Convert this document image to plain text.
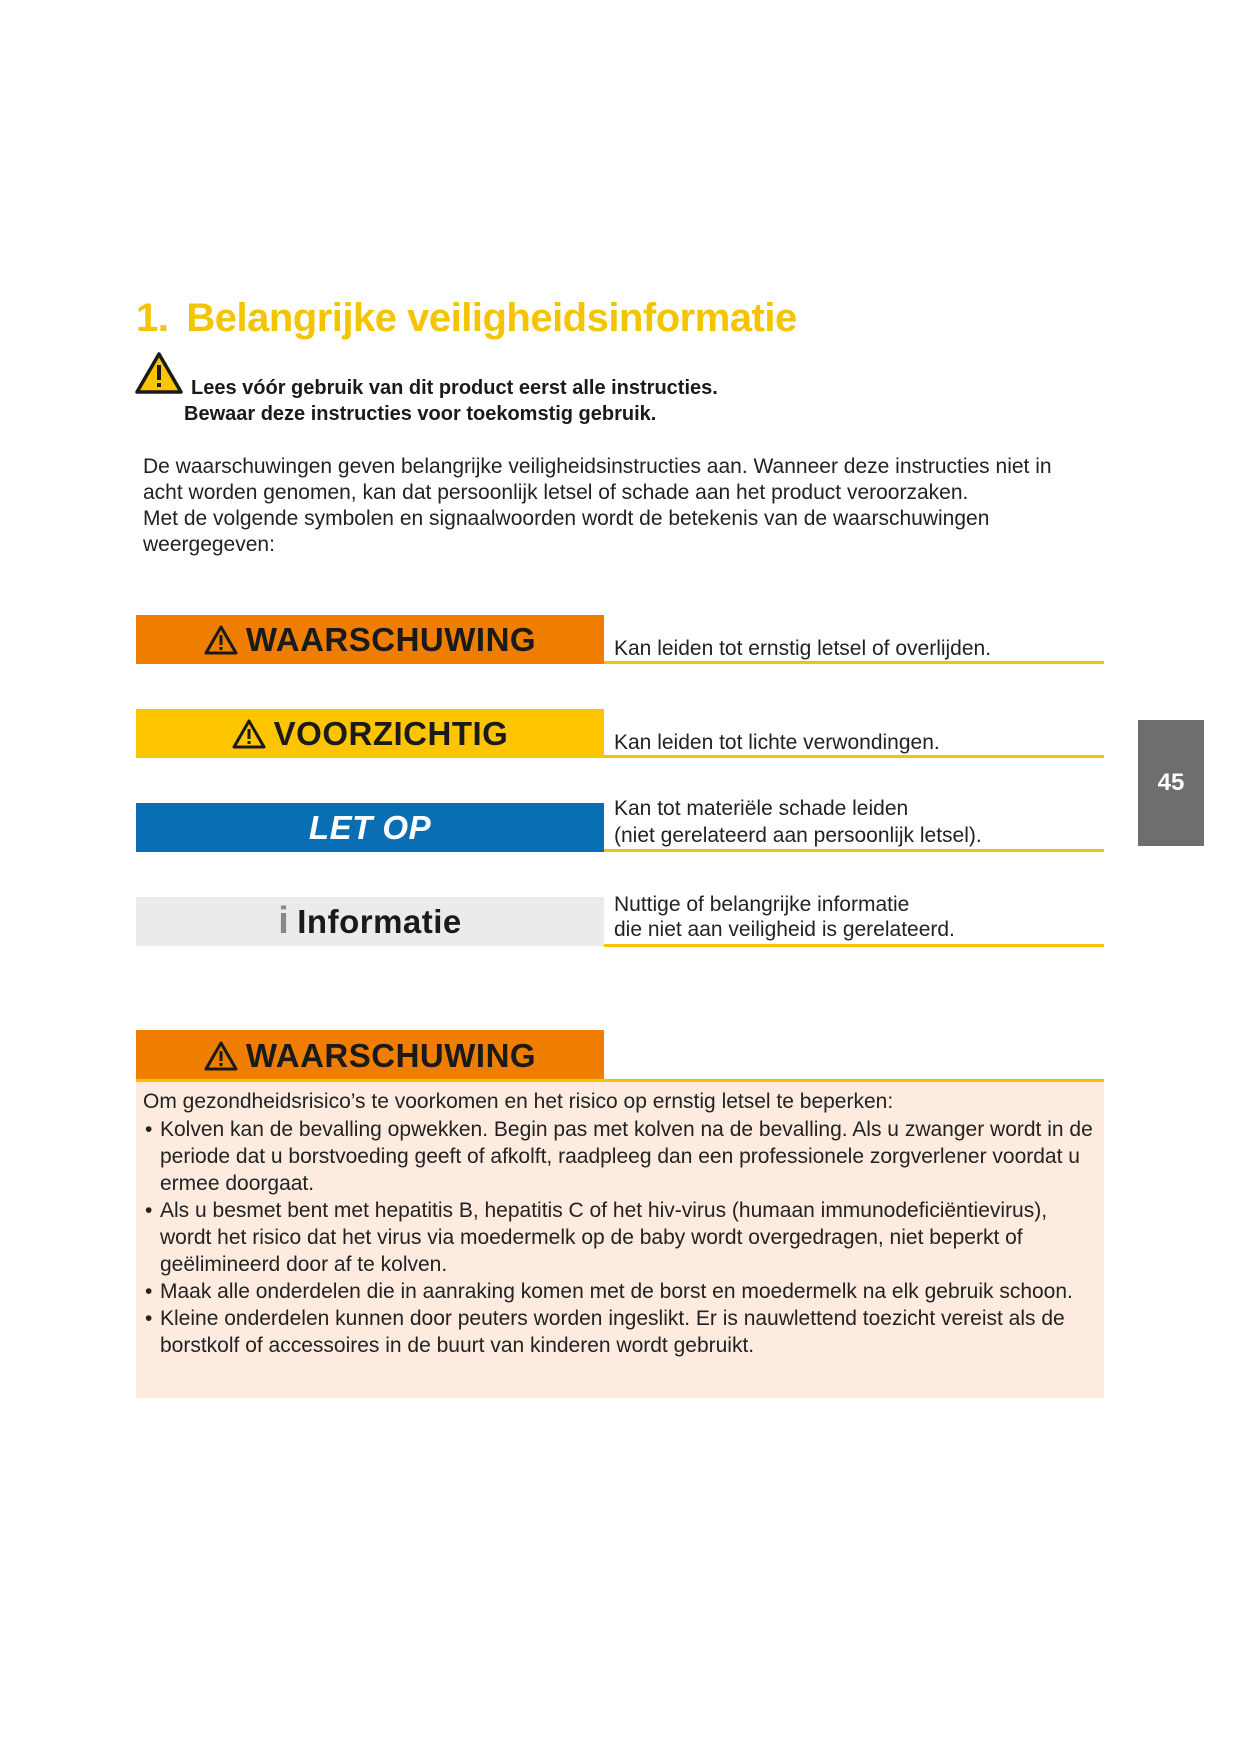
1. Belangrijke veiligheidsinformatie
Lees vóór gebruik van dit product eerst alle instructies.
Bewaar deze instructies voor toekomstig gebruik.

De waarschuwingen geven belangrijke veiligheidsinstructies aan. Wanneer deze instructies niet in acht worden genomen, kan dat persoonlijk letsel of schade aan het product veroorzaken.

Met de volgende symbolen en signaalwoorden wordt de betekenis van de waarschuwingen weergegeven:

WAARSCHUWING	Kan leiden tot ernstig letsel of overlijden.
VOORZICHTIG	Kan leiden tot lichte verwondingen.
LET OP	Kan tot materiële schade leiden
(niet gerelateerd aan persoonlijk letsel).
i Informatie	Nuttige of belangrijke informatie
die niet aan veiligheid is gerelateerd.
WAARSCHUWING

Om gezondheidsrisico’s te voorkomen en het risico op ernstig letsel te beperken:

• Kolven kan de bevalling opwekken. Begin pas met kolven na de bevalling. Als u zwanger wordt in de periode dat u borstvoeding geeft of afkolft, raadpleeg dan een professionele zorgverlener voordat u ermee doorgaat.
• Als u besmet bent met hepatitis B, hepatitis C of het hiv-virus (humaan immunodeficiëntievirus), wordt het risico dat het virus via moedermelk op de baby wordt overgedragen, niet beperkt of geëlimineerd door af te kolven.
• Maak alle onderdelen die in aanraking komen met de borst en moedermelk na elk gebruik schoon.
• Kleine onderdelen kunnen door peuters worden ingeslikt. Er is nauwlettend toezicht vereist als de borstkolf of accessoires in de buurt van kinderen wordt gebruikt.
45
